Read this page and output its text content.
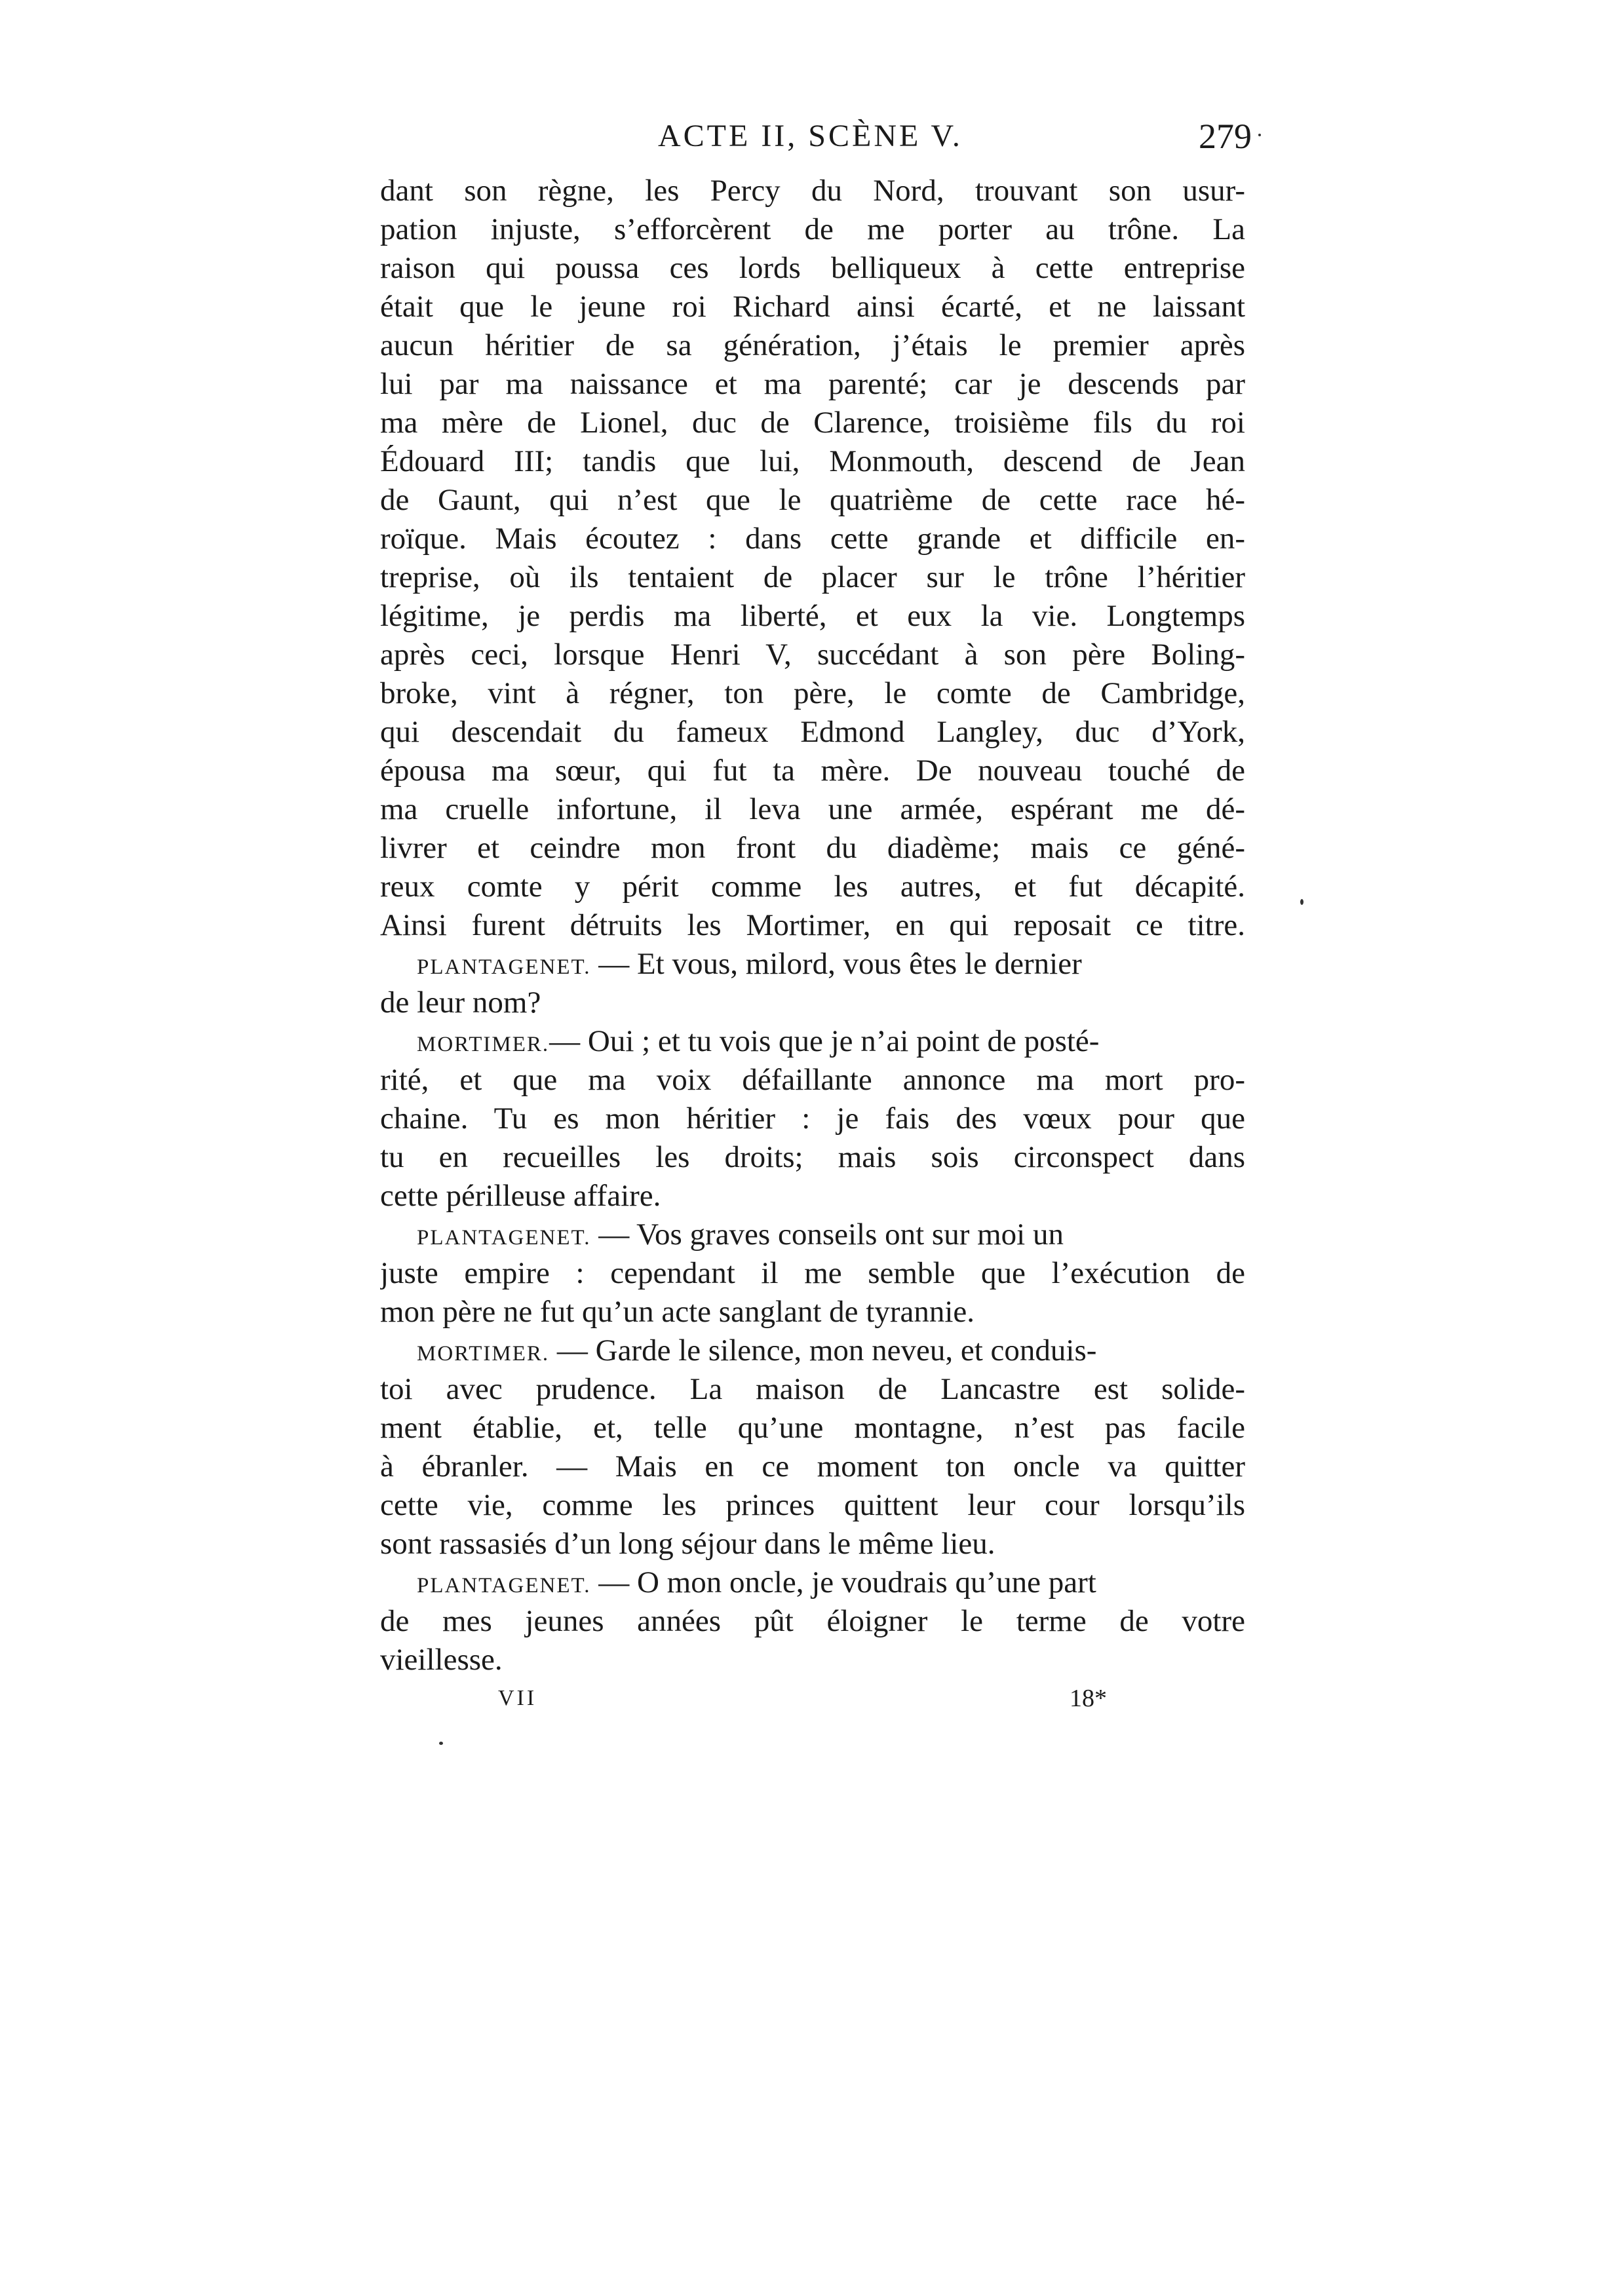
ACTE II, SCÈNE V.	279
dant son règne, les Percy du Nord, trouvant son usur-
pation injuste, s’efforcèrent de me porter au trône. La
raison qui poussa ces lords belliqueux à cette entreprise
était que le jeune roi Richard ainsi écarté, et ne laissant
aucun héritier de sa génération, j’étais le premier après
lui par ma naissance et ma parenté; car je descends par
ma mère de Lionel, duc de Clarence, troisième fils du roi
Édouard III; tandis que lui, Monmouth, descend de Jean
de Gaunt, qui n’est que le quatrième de cette race hé-
roïque. Mais écoutez : dans cette grande et difficile en-
treprise, où ils tentaient de placer sur le trône l’héritier
légitime, je perdis ma liberté, et eux la vie. Longtemps
après ceci, lorsque Henri V, succédant à son père Boling-
broke, vint à régner, ton père, le comte de Cambridge,
qui descendait du fameux Edmond Langley, duc d’York,
épousa ma sœur, qui fut ta mère. De nouveau touché de
ma cruelle infortune, il leva une armée, espérant me dé-
livrer et ceindre mon front du diadème; mais ce géné-
reux comte y périt comme les autres, et fut décapité.
Ainsi furent détruits les Mortimer, en qui reposait ce titre.
PLANTAGENET. — Et vous, milord, vous êtes le dernier
de leur nom?
MORTIMER.— Oui ; et tu vois que je n’ai point de posté-
rité, et que ma voix défaillante annonce ma mort pro-
chaine. Tu es mon héritier : je fais des vœux pour que
tu en recueilles les droits; mais sois circonspect dans
cette périlleuse affaire.
PLANTAGENET. — Vos graves conseils ont sur moi un
juste empire : cependant il me semble que l’exécution de
mon père ne fut qu’un acte sanglant de tyrannie.
MORTIMER. — Garde le silence, mon neveu, et conduis-
toi avec prudence. La maison de Lancastre est solide-
ment établie, et, telle qu’une montagne, n’est pas facile
à ébranler. — Mais en ce moment ton oncle va quitter
cette vie, comme les princes quittent leur cour lorsqu’ils
sont rassasiés d’un long séjour dans le même lieu.
PLANTAGENET. — O mon oncle, je voudrais qu’une part
de mes jeunes années pût éloigner le terme de votre
vieillesse.
VII	18*
